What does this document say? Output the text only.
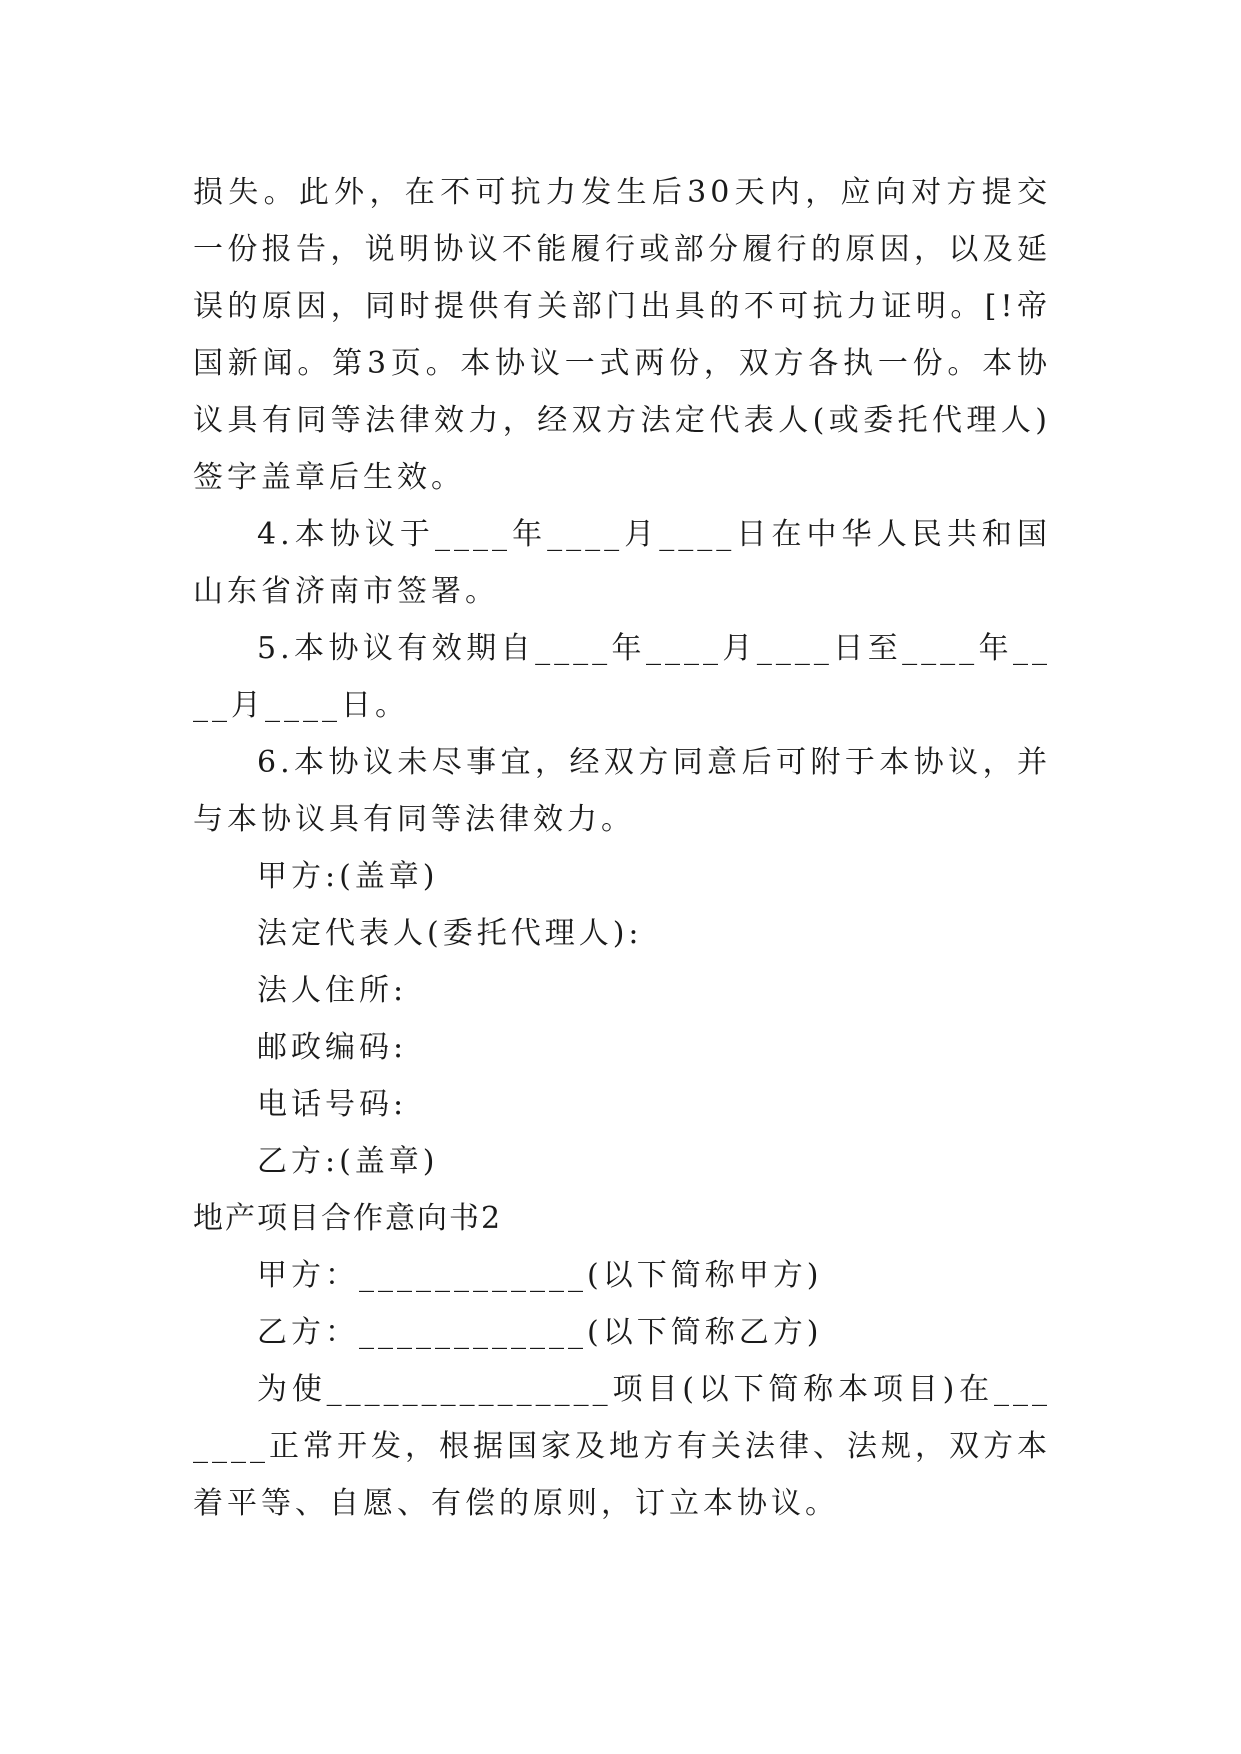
损失。此外，在不可抗力发生后30天内，应向对方提交一份报告，说明协议不能履行或部分履行的原因，以及延误的原因，同时提供有关部门出具的不可抗力证明。[!帝国新闻。第3页。本协议一式两份，双方各执一份。本协议具有同等法律效力，经双方法定代表人(或委托代理人)签字盖章后生效。

4.本协议于____年____月____日在中华人民共和国山东省济南市签署。

5.本协议有效期自____年____月____日至____年____月____日。

6.本协议未尽事宜，经双方同意后可附于本协议，并与本协议具有同等法律效力。

甲方:(盖章)

法定代表人(委托代理人):

法人住所:

邮政编码:

电话号码:

乙方:(盖章)

地产项目合作意向书2

甲方：____________(以下简称甲方)

乙方：____________(以下简称乙方)

为使_______________项目(以下简称本项目)在_______正常开发，根据国家及地方有关法律、法规，双方本着平等、自愿、有偿的原则，订立本协议。
